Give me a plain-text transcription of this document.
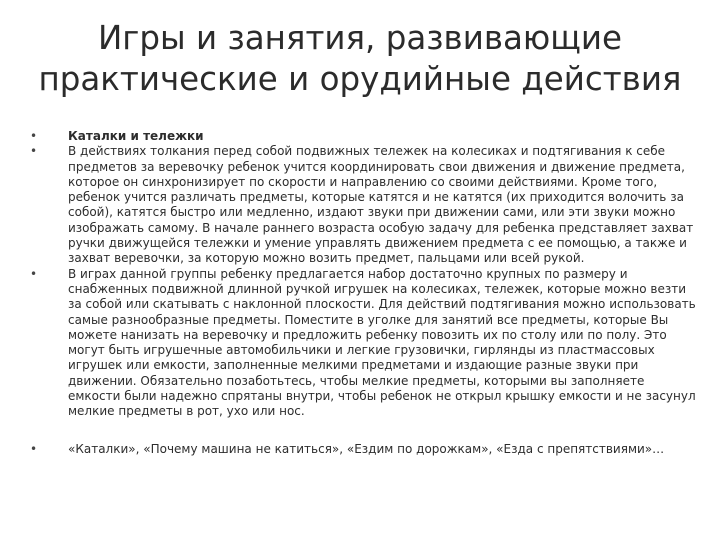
Игры и занятия, развивающие
практические и орудийные действия
•	Каталки и тележки
•	В действиях толкания перед собой подвижных тележек на колесиках и подтягивания к себе предметов за веревочку ребенок учится координировать свои движения и движение предмета, которое он синхронизирует по скорости и направлению со своими действиями. Кроме того, ребенок учится различать предметы, которые катятся и не катятся (их приходится волочить за собой), катятся быстро или медленно, издают звуки при движении сами, или эти звуки можно изображать самому. В начале раннего возраста особую задачу для ребенка представляет захват ручки движущейся тележки и умение управлять движением предмета с ее помощью, а также и захват веревочки, за которую можно возить предмет, пальцами или всей рукой.
•	В играх данной группы ребенку предлагается набор достаточно крупных по размеру и снабженных подвижной длинной ручкой игрушек на колесиках, тележек, которые можно везти за собой или скатывать с наклонной плоскости. Для действий подтягивания можно использовать самые разнообразные предметы. Поместите в уголке для занятий все предметы, которые Вы можете нанизать на веревочку и предложить ребенку повозить их по столу или по полу. Это могут быть игрушечные автомобильчики и легкие грузовички, гирлянды из пластмассовых игрушек или емкости, заполненные мелкими предметами и издающие разные звуки при движении. Обязательно позаботьтесь, чтобы мелкие предметы, которыми вы заполняете емкости были надежно спрятаны внутри, чтобы ребенок не открыл крышку емкости и не засунул мелкие предметы в рот, ухо или нос.
•	«Каталки», «Почему машина не катиться», «Ездим по дорожкам», «Езда с препятствиями»…
